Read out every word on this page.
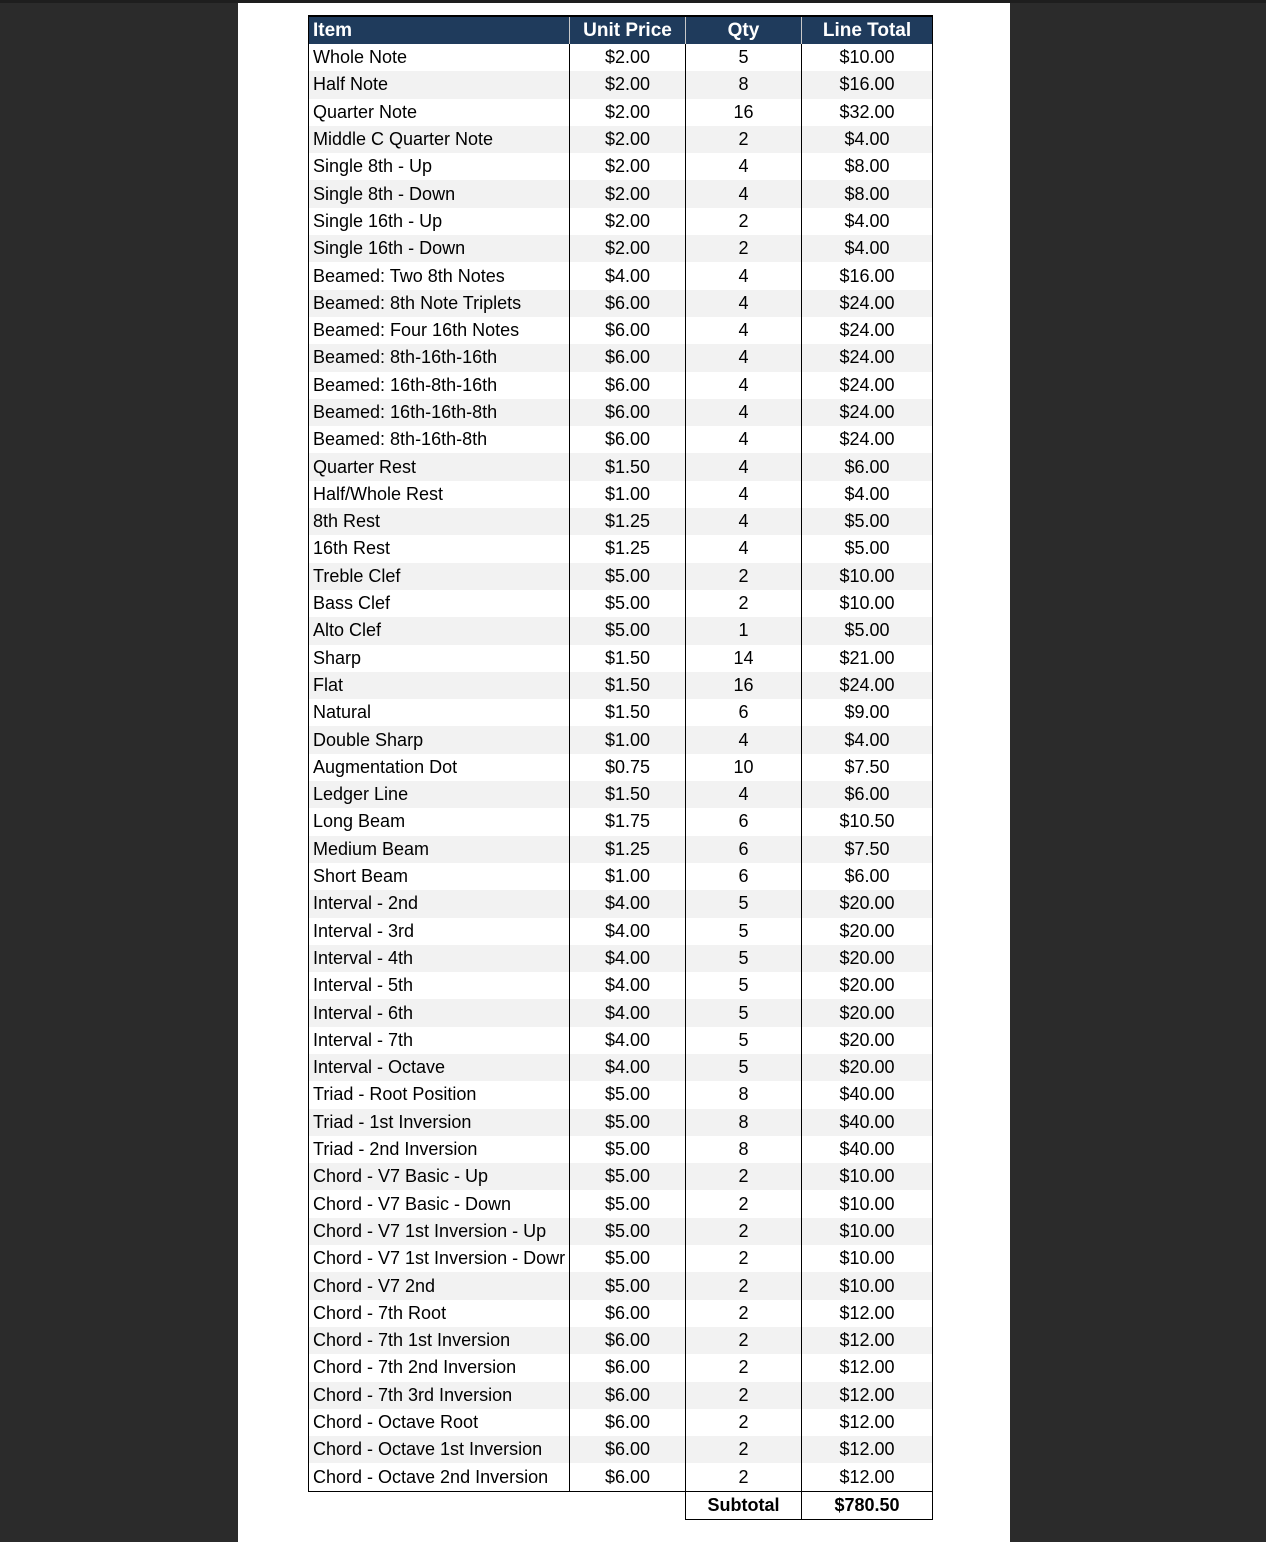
Item	Unit Price	Qty	Line Total
Whole Note	$2.00	5	$10.00
Half Note	$2.00	8	$16.00
Quarter Note	$2.00	16	$32.00
Middle C Quarter Note	$2.00	2	$4.00
Single 8th - Up	$2.00	4	$8.00
Single 8th - Down	$2.00	4	$8.00
Single 16th - Up	$2.00	2	$4.00
Single 16th - Down	$2.00	2	$4.00
Beamed: Two 8th Notes	$4.00	4	$16.00
Beamed: 8th Note Triplets	$6.00	4	$24.00
Beamed: Four 16th Notes	$6.00	4	$24.00
Beamed: 8th-16th-16th	$6.00	4	$24.00
Beamed: 16th-8th-16th	$6.00	4	$24.00
Beamed: 16th-16th-8th	$6.00	4	$24.00
Beamed: 8th-16th-8th	$6.00	4	$24.00
Quarter Rest	$1.50	4	$6.00
Half/Whole Rest	$1.00	4	$4.00
8th Rest	$1.25	4	$5.00
16th Rest	$1.25	4	$5.00
Treble Clef	$5.00	2	$10.00
Bass Clef	$5.00	2	$10.00
Alto Clef	$5.00	1	$5.00
Sharp	$1.50	14	$21.00
Flat	$1.50	16	$24.00
Natural	$1.50	6	$9.00
Double Sharp	$1.00	4	$4.00
Augmentation Dot	$0.75	10	$7.50
Ledger Line	$1.50	4	$6.00
Long Beam	$1.75	6	$10.50
Medium Beam	$1.25	6	$7.50
Short Beam	$1.00	6	$6.00
Interval - 2nd	$4.00	5	$20.00
Interval - 3rd	$4.00	5	$20.00
Interval - 4th	$4.00	5	$20.00
Interval - 5th	$4.00	5	$20.00
Interval - 6th	$4.00	5	$20.00
Interval - 7th	$4.00	5	$20.00
Interval - Octave	$4.00	5	$20.00
Triad - Root Position	$5.00	8	$40.00
Triad - 1st Inversion	$5.00	8	$40.00
Triad - 2nd Inversion	$5.00	8	$40.00
Chord - V7 Basic - Up	$5.00	2	$10.00
Chord - V7 Basic - Down	$5.00	2	$10.00
Chord - V7 1st Inversion - Up	$5.00	2	$10.00
Chord - V7 1st Inversion - Dowr	$5.00	2	$10.00
Chord - V7 2nd	$5.00	2	$10.00
Chord - 7th Root	$6.00	2	$12.00
Chord - 7th 1st Inversion	$6.00	2	$12.00
Chord - 7th 2nd Inversion	$6.00	2	$12.00
Chord - 7th 3rd Inversion	$6.00	2	$12.00
Chord - Octave Root	$6.00	2	$12.00
Chord - Octave 1st Inversion	$6.00	2	$12.00
Chord - Octave 2nd Inversion	$6.00	2	$12.00
		Subtotal	$780.50
